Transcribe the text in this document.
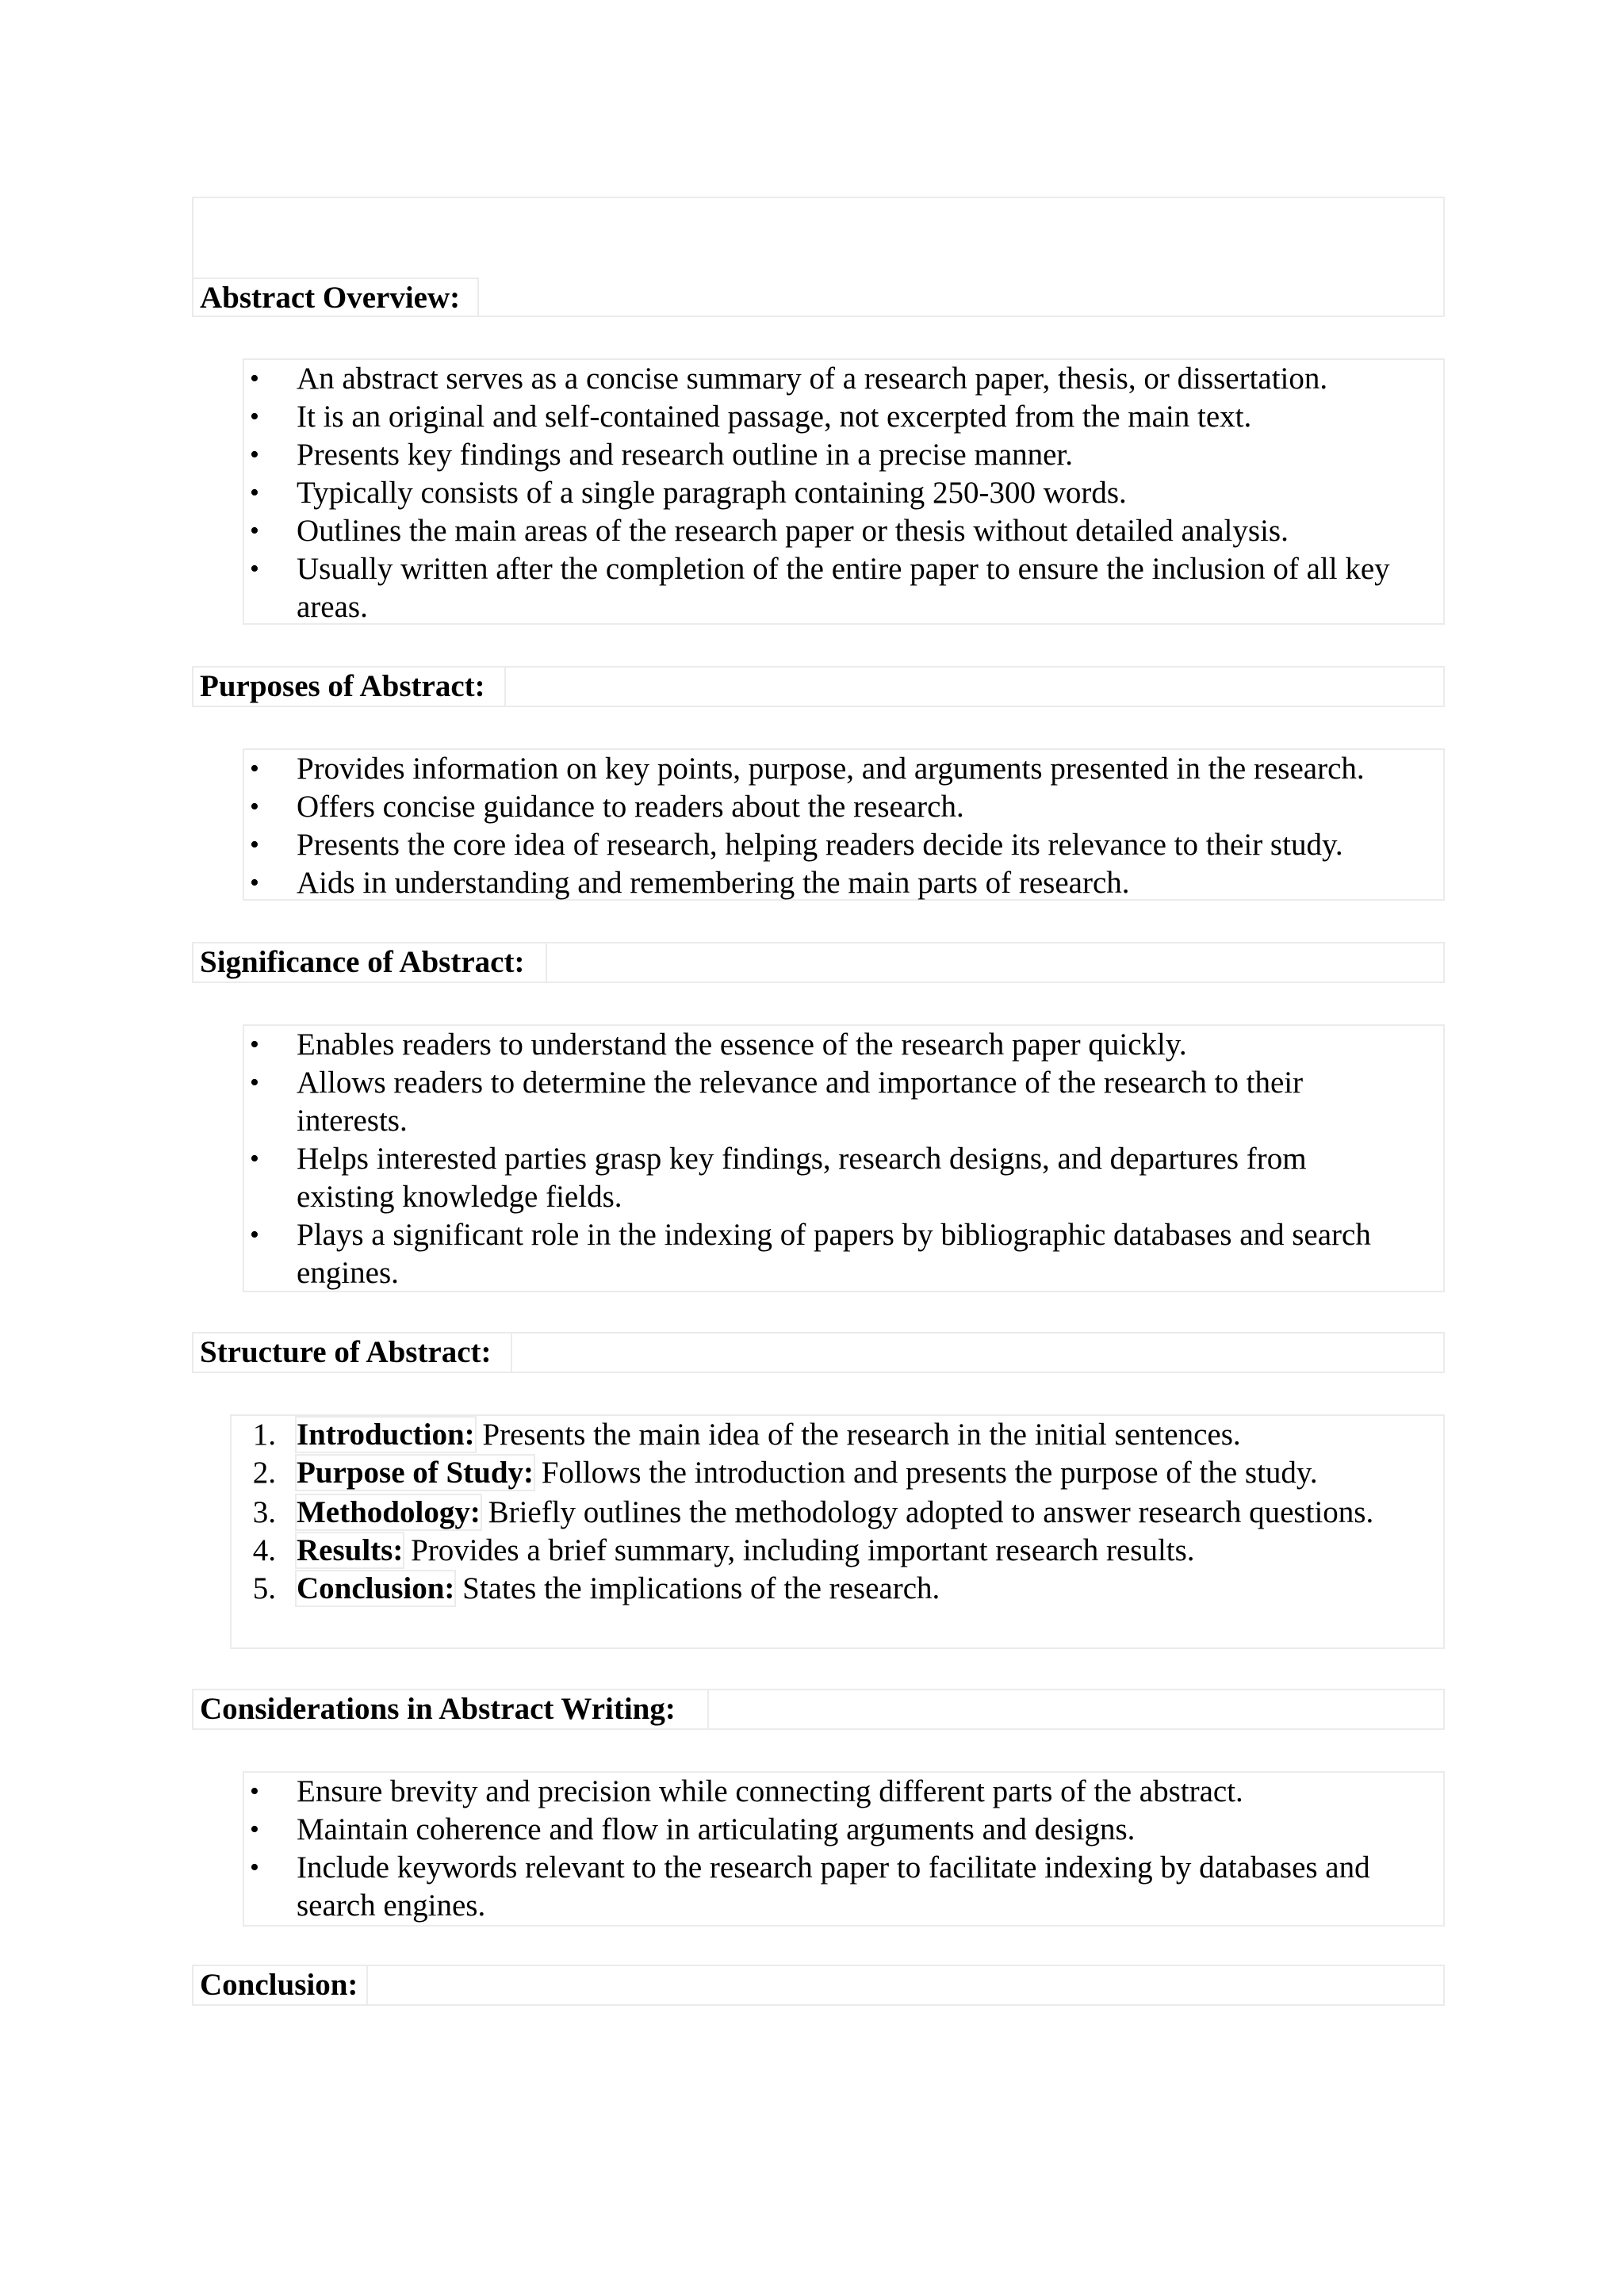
Abstract Overview:
• An abstract serves as a concise summary of a research paper, thesis, or dissertation.
• It is an original and self-contained passage, not excerpted from the main text.
• Presents key findings and research outline in a precise manner.
• Typically consists of a single paragraph containing 250-300 words.
• Outlines the main areas of the research paper or thesis without detailed analysis.
• Usually written after the completion of the entire paper to ensure the inclusion of all key areas.
Purposes of Abstract:
• Provides information on key points, purpose, and arguments presented in the research.
• Offers concise guidance to readers about the research.
• Presents the core idea of research, helping readers decide its relevance to their study.
• Aids in understanding and remembering the main parts of research.
Significance of Abstract:
• Enables readers to understand the essence of the research paper quickly.
• Allows readers to determine the relevance and importance of the research to their interests.
• Helps interested parties grasp key findings, research designs, and departures from existing knowledge fields.
• Plays a significant role in the indexing of papers by bibliographic databases and search engines.
Structure of Abstract:
1. Introduction: Presents the main idea of the research in the initial sentences.
2. Purpose of Study: Follows the introduction and presents the purpose of the study.
3. Methodology: Briefly outlines the methodology adopted to answer research questions.
4. Results: Provides a brief summary, including important research results.
5. Conclusion: States the implications of the research.
Considerations in Abstract Writing:
• Ensure brevity and precision while connecting different parts of the abstract.
• Maintain coherence and flow in articulating arguments and designs.
• Include keywords relevant to the research paper to facilitate indexing by databases and search engines.
Conclusion:
